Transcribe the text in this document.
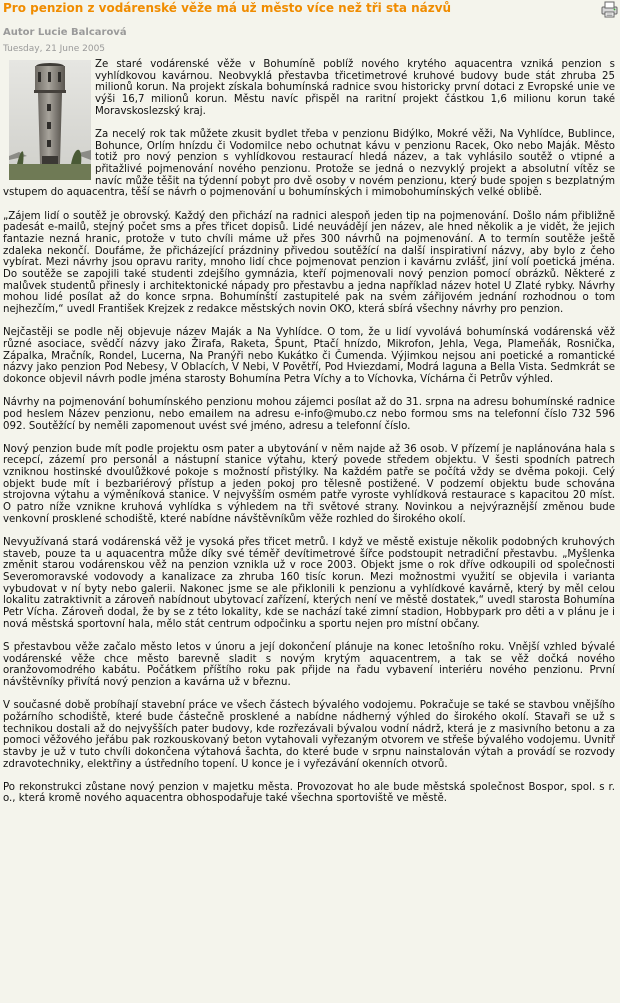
Pro penzion z vodárenské věže má už město více než tři sta názvů
Autor Lucie Balcarová
Tuesday, 21 June 2005

Ze staré vodárenské věže v Bohumíně poblíž nového krytého aquacentra vzniká penzion s vyhlídkovou kavárnou. Neobvyklá přestavba třicetimetrové kruhové budovy bude stát zhruba 25 milionů korun. Na projekt získala bohumínská radnice svou historicky první dotaci z Evropské unie ve výši 16,7 milionů korun. Městu navíc přispěl na raritní projekt částkou 1,6 milionu korun také Moravskoslezský kraj.

Za necelý rok tak můžete zkusit bydlet třeba v penzionu Bidýlko, Mokré věži, Na Vyhlídce, Bublince, Bohunce, Orlím hnízdu či Vodomilce nebo ochutnat kávu v penzionu Racek, Oko nebo Maják. Město totiž pro nový penzion s vyhlídkovou restaurací hledá název, a tak vyhlásilo soutěž o vtipné a přitažlivé pojmenování nového penzionu. Protože se jedná o nezvyklý projekt a absolutní vítěz se navíc může těšit na týdenní pobyt pro dvě osoby v novém penzionu, který bude spojen s bezplatným vstupem do aquacentra, těší se návrh o pojmenování u bohumínských i mimobohumínských velké oblibě.

„Zájem lidí o soutěž je obrovský. Každý den přichází na radnici alespoň jeden tip na pojmenování. Došlo nám přibližně padesát e-mailů, stejný počet sms a přes třicet dopisů. Lidé neuvádějí jen název, ale hned několik a je vidět, že jejich fantazie nezná hranic, protože v tuto chvíli máme už přes 300 návrhů na pojmenování. A to termín soutěže ještě zdaleka nekončí. Doufáme, že přicházející prázdniny přivedou soutěžící na další inspirativní názvy, aby bylo z čeho vybírat. Mezi návrhy jsou opravu rarity, mnoho lidí chce pojmenovat penzion i kavárnu zvlášť, jiní volí poetická jména. Do soutěže se zapojili také studenti zdejšího gymnázia, kteří pojmenovali nový penzion pomocí obrázků. Některé z malůvek studentů přinesly i architektonické nápady pro přestavbu a jedna například název hotel U Zlaté rybky. Návrhy mohou lidé posílat až do konce srpna. Bohumínští zastupitelé pak na svém zářijovém jednání rozhodnou o tom nejhezčím,“ uvedl František Krejzek z redakce městských novin OKO, která sbírá všechny návrhy pro penzion.

Nejčastěji se podle něj objevuje název Maják a Na Vyhlídce. O tom, že u lidí vyvolává bohumínská vodárenská věž různé asociace, svědčí názvy jako Žirafa, Raketa, Špunt, Ptačí hnízdo, Mikrofon, Jehla, Vega, Plameňák, Rosnička, Zápalka, Mračník, Rondel, Lucerna, Na Pranýři nebo Kukátko či Čumenda. Výjimkou nejsou ani poetické a romantické názvy jako penzion Pod Nebesy, V Oblacích, V Nebi, V Povětří, Pod Hviezdami, Modrá laguna a Bella Vista. Sedmkrát se dokonce objevil návrh podle jména starosty Bohumína Petra Víchy a to Víchovka, Víchárna či Petrův výhled.

Návrhy na pojmenování bohumínského penzionu mohou zájemci posílat až do 31. srpna na adresu bohumínské radnice pod heslem Název penzionu, nebo emailem na adresu e-info@mubo.cz nebo formou sms na telefonní číslo 732 596 092. Soutěžící by neměli zapomenout uvést své jméno, adresu a telefonní číslo.

Nový penzion bude mít podle projektu osm pater a ubytování v něm najde až 36 osob. V přízemí je naplánována hala s recepcí, zázemí pro personál a nástupní stanice výtahu, který povede středem objektu. V šesti spodních patrech vzniknou hostinské dvoulůžkové pokoje s možností přistýlky. Na každém patře se počítá vždy se dvěma pokoji. Celý objekt bude mít i bezbariérový přístup a jeden pokoj pro tělesně postižené. V podzemí objektu bude schována strojovna výtahu a výměníková stanice. V nejvyšším osmém patře vyroste vyhlídková restaurace s kapacitou 20 míst. O patro níže vznikne kruhová vyhlídka s výhledem na tři světové strany. Novinkou a nejvýraznější změnou bude venkovní prosklené schodiště, které nabídne návštěvníkům věže rozhled do širokého okolí.

Nevyužívaná stará vodárenská věž je vysoká přes třicet metrů. I když ve městě existuje několik podobných kruhových staveb, pouze ta u aquacentra může díky své téměř devítimetrové šířce podstoupit netradiční přestavbu. „Myšlenka změnit starou vodárenskou věž na penzion vznikla už v roce 2003. Objekt jsme o rok dříve odkoupili od společnosti Severomoravské vodovody a kanalizace za zhruba 160 tisíc korun. Mezi možnostmi využití se objevila i varianta vybudovat v ní byty nebo galerii. Nakonec jsme se ale přiklonili k penzionu a vyhlídkové kavárně, který by měl celou lokalitu zatraktivnit a zároveň nabídnout ubytovací zařízení, kterých není ve městě dostatek,“ uvedl starosta Bohumína Petr Vícha. Zároveň dodal, že by se z této lokality, kde se nachází také zimní stadion, Hobbypark pro děti a v plánu je i nová městská sportovní hala, mělo stát centrum odpočinku a sportu nejen pro místní občany.

S přestavbou věže začalo město letos v únoru a její dokončení plánuje na konec letošního roku. Vnější vzhled bývalé vodárenské věže chce město barevně sladit s novým krytým aquacentrem, a tak se věž dočká nového oranžovomodrého kabátu. Počátkem příštího roku pak přijde na řadu vybavení interiéru nového penzionu. První návštěvníky přivítá nový penzion a kavárna už v březnu.

V současné době probíhají stavební práce ve všech částech bývalého vodojemu. Pokračuje se také se stavbou vnějšího požárního schodiště, které bude částečně prosklené a nabídne nádherný výhled do širokého okolí. Stavaři se už s technikou dostali až do nejvyšších pater budovy, kde rozřezávali bývalou vodní nádrž, která je z masivního betonu a za pomoci věžového jeřábu pak rozkouskovaný beton vytahovali vyřezaným otvorem ve střeše bývalého vodojemu. Uvnitř stavby je už v tuto chvíli dokončena výtahová šachta, do které bude v srpnu nainstalován výtah a provádí se rozvody zdravotechniky, elektřiny a ústředního topení. U konce je i vyřezávání okenních otvorů.

Po rekonstrukci zůstane nový penzion v majetku města. Provozovat ho ale bude městská společnost Bospor, spol. s r. o., která kromě nového aquacentra obhospodařuje také všechna sportoviště ve městě.
